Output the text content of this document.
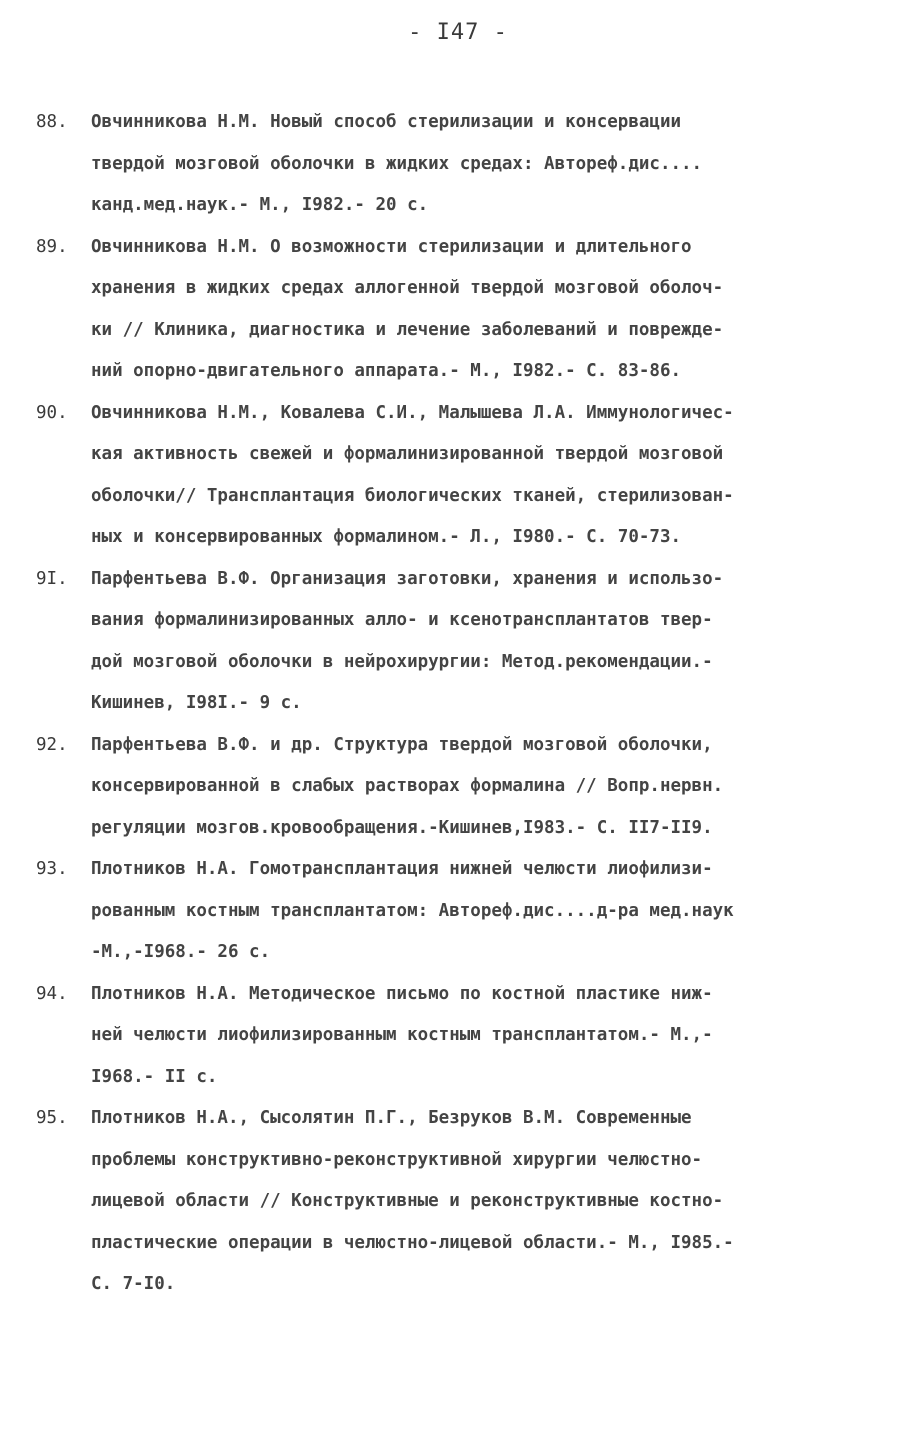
- I47 -
88. Овчинникова Н.М. Новый способ стерилизации и консервации
твердой мозговой оболочки в жидких средах: Автореф.дис....
канд.мед.наук.- М., I982.- 20 с.
89. Овчинникова Н.М. О возможности стерилизации и длительного
хранения в жидких средах аллогенной твердой мозговой оболоч-
ки // Клиника, диагностика и лечение заболеваний и поврежде-
ний опорно-двигательного аппарата.- М., I982.- С. 83-86.
90. Овчинникова Н.М., Ковалева С.И., Малышева Л.А. Иммунологичес-
кая активность свежей и формалинизированной твердой мозговой
оболочки// Трансплантация биологических тканей, стерилизован-
ных и консервированных формалином.- Л., I980.- С. 70-73.
9I. Парфентьева В.Ф. Организация заготовки, хранения и использо-
вания формалинизированных алло- и ксенотрансплантатов твер-
дой мозговой оболочки в нейрохирургии: Метод.рекомендации.-
Кишинев, I98I.- 9 с.
92. Парфентьева В.Ф. и др. Структура твердой мозговой оболочки,
консервированной в слабых растворах формалина // Вопр.нервн.
регуляции мозгов.кровообращения.-Кишинев,I983.- С. II7-II9.
93. Плотников Н.А. Гомотрансплантация нижней челюсти лиофилизи-
рованным костным трансплантатом: Автореф.дис....д-ра мед.наук
-М.,-I968.- 26 с.
94. Плотников Н.А. Методическое письмо по костной пластике ниж-
ней челюсти лиофилизированным костным трансплантатом.- М.,-
I968.- II с.
95. Плотников Н.А., Сысолятин П.Г., Безруков В.М. Современные
проблемы конструктивно-реконструктивной хирургии челюстно-
лицевой области // Конструктивные и реконструктивные костно-
пластические операции в челюстно-лицевой области.- М., I985.-
С. 7-I0.
